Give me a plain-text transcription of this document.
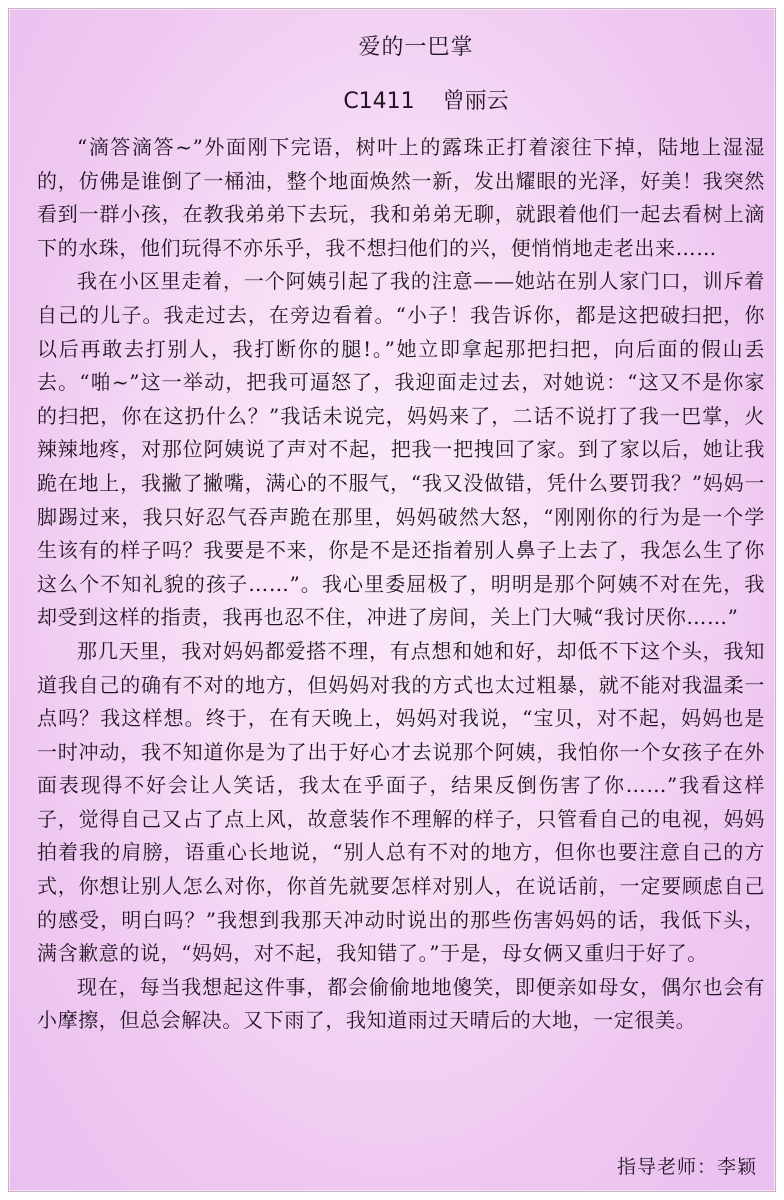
爱的一巴掌
C1411 曾丽云

“滴答滴答~”外面刚下完语，树叶上的露珠正打着滚往下掉，陆地上湿湿的，仿佛是谁倒了一桶油，整个地面焕然一新，发出耀眼的光泽，好美！我突然看到一群小孩，在教我弟弟下去玩，我和弟弟无聊，就跟着他们一起去看树上滴下的水珠，他们玩得不亦乐乎，我不想扫他们的兴，便悄悄地走老出来……

我在小区里走着，一个阿姨引起了我的注意——她站在别人家门口，训斥着自己的儿子。我走过去，在旁边看着。“小子！我告诉你，都是这把破扫把，你以后再敢去打别人，我打断你的腿!。”她立即拿起那把扫把，向后面的假山丢去。“啪~”这一举动，把我可逼怒了，我迎面走过去，对她说：“这又不是你家的扫把，你在这扔什么？”我话未说完，妈妈来了，二话不说打了我一巴掌，火辣辣地疼，对那位阿姨说了声对不起，把我一把拽回了家。到了家以后，她让我跪在地上，我撇了撇嘴，满心的不服气，“我又没做错，凭什么要罚我？”妈妈一脚踢过来，我只好忍气吞声跪在那里，妈妈破然大怒，“刚刚你的行为是一个学生该有的样子吗？我要是不来，你是不是还指着别人鼻子上去了，我怎么生了你这么个不知礼貌的孩子……”。我心里委屈极了，明明是那个阿姨不对在先，我却受到这样的指责，我再也忍不住，冲进了房间，关上门大喊“我讨厌你……”

那几天里，我对妈妈都爱搭不理，有点想和她和好，却低不下这个头，我知道我自己的确有不对的地方，但妈妈对我的方式也太过粗暴，就不能对我温柔一点吗？我这样想。终于，在有天晚上，妈妈对我说，“宝贝，对不起，妈妈也是一时冲动，我不知道你是为了出于好心才去说那个阿姨，我怕你一个女孩子在外面表现得不好会让人笑话，我太在乎面子，结果反倒伤害了你……”我看这样子，觉得自己又占了点上风，故意装作不理解的样子，只管看自己的电视，妈妈拍着我的肩膀，语重心长地说，“别人总有不对的地方，但你也要注意自己的方式，你想让别人怎么对你，你首先就要怎样对别人，在说话前，一定要顾虑自己的感受，明白吗？”我想到我那天冲动时说出的那些伤害妈妈的话，我低下头，满含歉意的说，“妈妈，对不起，我知错了。”于是，母女俩又重归于好了。

现在，每当我想起这件事，都会偷偷地地傻笑，即便亲如母女，偶尔也会有小摩擦，但总会解决。又下雨了，我知道雨过天晴后的大地，一定很美。

指导老师：李颖
